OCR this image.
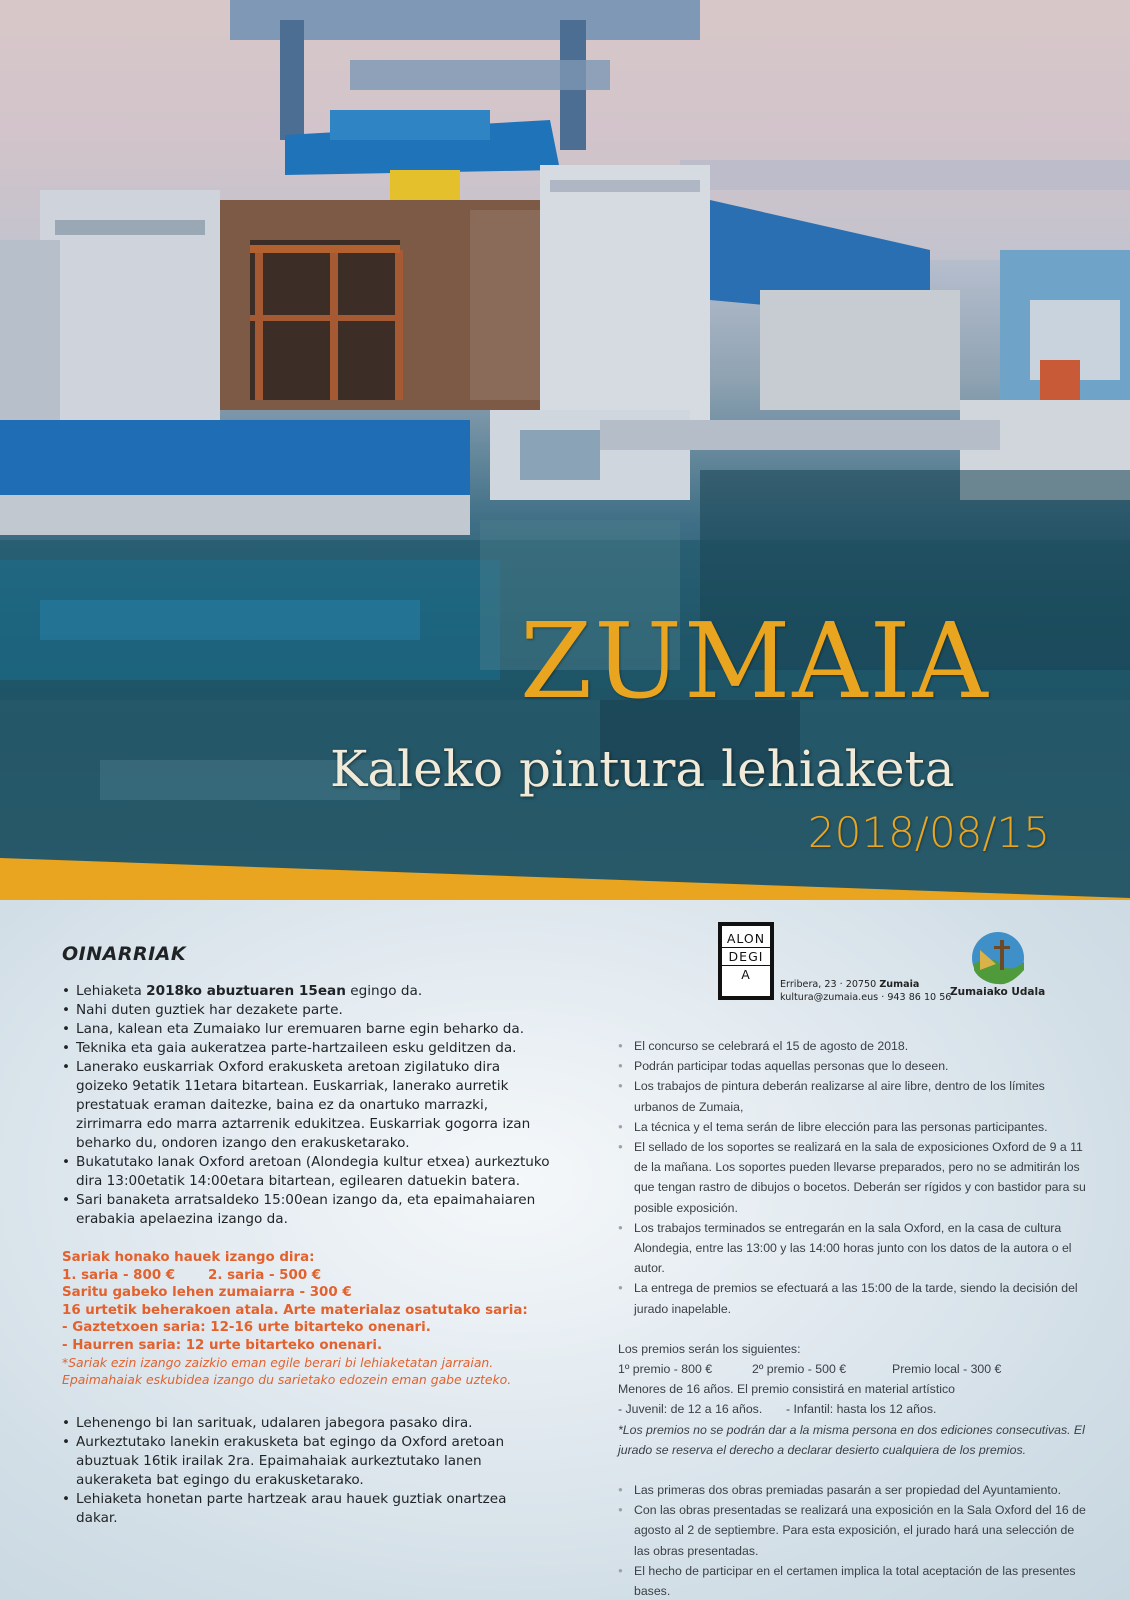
ZUMAIA
Kaleko pintura lehiaketa
2018/08/15
ALON
DEGI
A
Erribera, 23 · 20750 Zumaia
kultura@zumaia.eus · 943 86 10 56
Zumaiako Udala
OINARRIAK
• Lehiaketa 2018ko abuztuaren 15ean egingo da.
• Nahi duten guztiek har dezakete parte.
• Lana, kalean eta Zumaiako lur eremuaren barne egin beharko da.
• Teknika eta gaia aukeratzea parte-hartzaileen esku gelditzen da.
• Lanerako euskarriak Oxford erakusketa aretoan zigilatuko dira goizeko 9etatik 11etara bitartean. Euskarriak, lanerako aurretik prestatuak eraman daitezke, baina ez da onartuko marrazki, zirrimarra edo marra aztarrenik edukitzea. Euskarriak gogorra izan beharko du, ondoren izango den erakusketarako.
• Bukatutako lanak Oxford aretoan (Alondegia kultur etxea) aurkeztuko dira 13:00etatik 14:00etara bitartean, egilearen datuekin batera.
• Sari banaketa arratsaldeko 15:00ean izango da, eta epaimahaiaren erabakia apelaezina izango da.
Sariak honako hauek izango dira:
1. saria - 800 € 2. saria - 500 €
Saritu gabeko lehen zumaiarra - 300 €
16 urtetik beherakoen atala. Arte materialaz osatutako saria:
- Gaztetxoen saria: 12-16 urte bitarteko onenari.
- Haurren saria: 12 urte bitarteko onenari.
*Sariak ezin izango zaizkio eman egile berari bi lehiaketatan jarraian. Epaimahaiak eskubidea izango du sarietako edozein eman gabe uzteko.
• Lehenengo bi lan sarituak, udalaren jabegora pasako dira.
• Aurkeztutako lanekin erakusketa bat egingo da Oxford aretoan abuztuak 16tik irailak 2ra. Epaimahaiak aurkeztutako lanen aukeraketa bat egingo du erakusketarako.
• Lehiaketa honetan parte hartzeak arau hauek guztiak onartzea dakar.
● El concurso se celebrará el 15 de agosto de 2018.
● Podrán participar todas aquellas personas que lo deseen.
● Los trabajos de pintura deberán realizarse al aire libre, dentro de los límites urbanos de Zumaia,
● La técnica y el tema serán de libre elección para las personas participantes.
● El sellado de los soportes se realizará en la sala de exposiciones Oxford de 9 a 11 de la mañana. Los soportes pueden llevarse preparados, pero no se admitirán los que tengan rastro de dibujos o bocetos. Deberán ser rígidos y con bastidor para su posible exposición.
● Los trabajos terminados se entregarán en la sala Oxford, en la casa de cultura Alondegia, entre las 13:00 y las 14:00 horas junto con los datos de la autora o el autor.
● La entrega de premios se efectuará a las 15:00 de la tarde, siendo la decisión del jurado inapelable.
Los premios serán los siguientes:
1º premio - 800 €	2º premio - 500 €	Premio local - 300 €
Menores de 16 años. El premio consistirá en material artístico
- Juvenil: de 12 a 16 años. - Infantil: hasta los 12 años.
*Los premios no se podrán dar a la misma persona en dos ediciones consecutivas. El jurado se reserva el derecho a declarar desierto cualquiera de los premios.
● Las primeras dos obras premiadas pasarán a ser propiedad del Ayuntamiento.
● Con las obras presentadas se realizará una exposición en la Sala Oxford del 16 de agosto al 2 de septiembre. Para esta exposición, el jurado hará una selección de las obras presentadas.
● El hecho de participar en el certamen implica la total aceptación de las presentes bases.
